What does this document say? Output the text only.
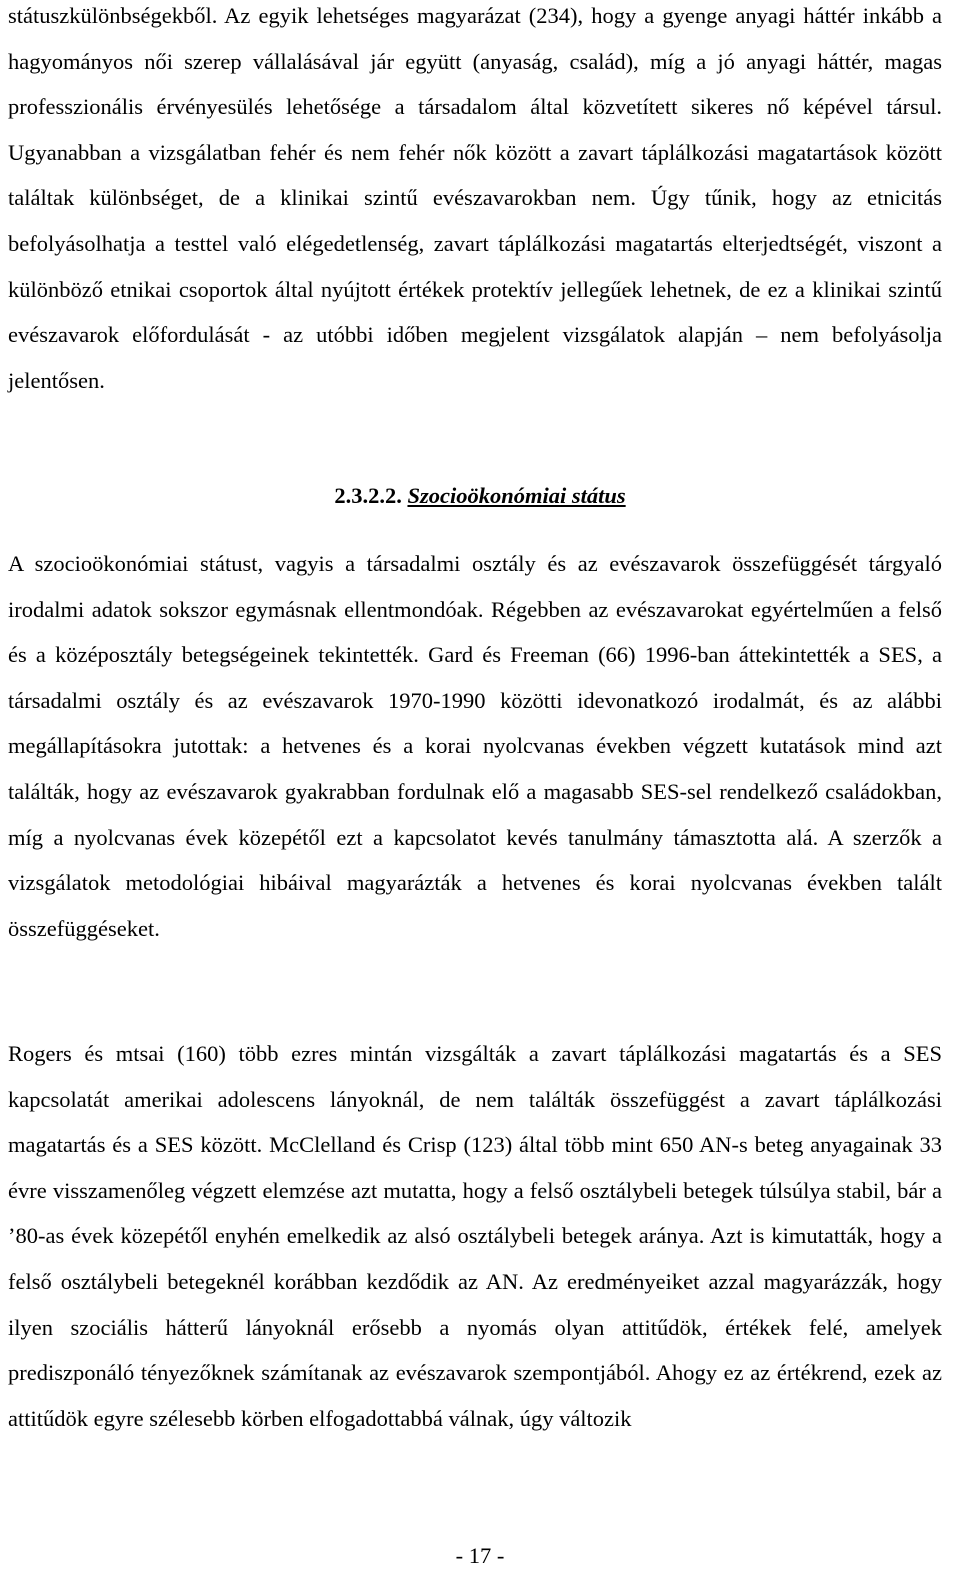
státuszkülönbségekből. Az egyik lehetséges magyarázat (234), hogy a gyenge anyagi háttér inkább a hagyományos női szerep vállalásával jár együtt (anyaság, család), míg a jó anyagi háttér, magas professzionális érvényesülés lehetősége a társadalom által közvetített sikeres nő képével társul. Ugyanabban a vizsgálatban fehér és nem fehér nők között a zavart táplálkozási magatartások között találtak különbséget, de a klinikai szintű evészavarokban nem. Úgy tűnik, hogy az etnicitás befolyásolhatja a testtel való elégedetlenség, zavart táplálkozási magatartás elterjedtségét, viszont a különböző etnikai csoportok által nyújtott értékek protektív jellegűek lehetnek, de ez a klinikai szintű evészavarok előfordulását - az utóbbi időben megjelent vizsgálatok alapján – nem befolyásolja jelentősen.

2.3.2.2. Szocioökonómiai státus

A szocioökonómiai státust, vagyis a társadalmi osztály és az evészavarok összefüggését tárgyaló irodalmi adatok sokszor egymásnak ellentmondóak. Régebben az evészavarokat egyértelműen a felső és a középosztály betegségeinek tekintették. Gard és Freeman (66) 1996-ban áttekintették a SES, a társadalmi osztály és az evészavarok 1970-1990 közötti idevonatkozó irodalmát, és az alábbi megállapításokra jutottak: a hetvenes és a korai nyolcvanas években végzett kutatások mind azt találták, hogy az evészavarok gyakrabban fordulnak elő a magasabb SES-sel rendelkező családokban, míg a nyolcvanas évek közepétől ezt a kapcsolatot kevés tanulmány támasztotta alá. A szerzők a vizsgálatok metodológiai hibáival magyarázták a hetvenes és korai nyolcvanas években talált összefüggéseket.

Rogers és mtsai (160) több ezres mintán vizsgálták a zavart táplálkozási magatartás és a SES kapcsolatát amerikai adolescens lányoknál, de nem találták összefüggést a zavart táplálkozási magatartás és a SES között. McClelland és Crisp (123) által több mint 650 AN-s beteg anyagainak 33 évre visszamenőleg végzett elemzése azt mutatta, hogy a felső osztálybeli betegek túlsúlya stabil, bár a ’80-as évek közepétől enyhén emelkedik az alsó osztálybeli betegek aránya. Azt is kimutatták, hogy a felső osztálybeli betegeknél korábban kezdődik az AN. Az eredményeiket azzal magyarázzák, hogy ilyen szociális hátterű lányoknál erősebb a nyomás olyan attitűdök, értékek felé, amelyek prediszponáló tényezőknek számítanak az evészavarok szempontjából. Ahogy ez az értékrend, ezek az attitűdök egyre szélesebb körben elfogadottabbá válnak, úgy változik

- 17 -
